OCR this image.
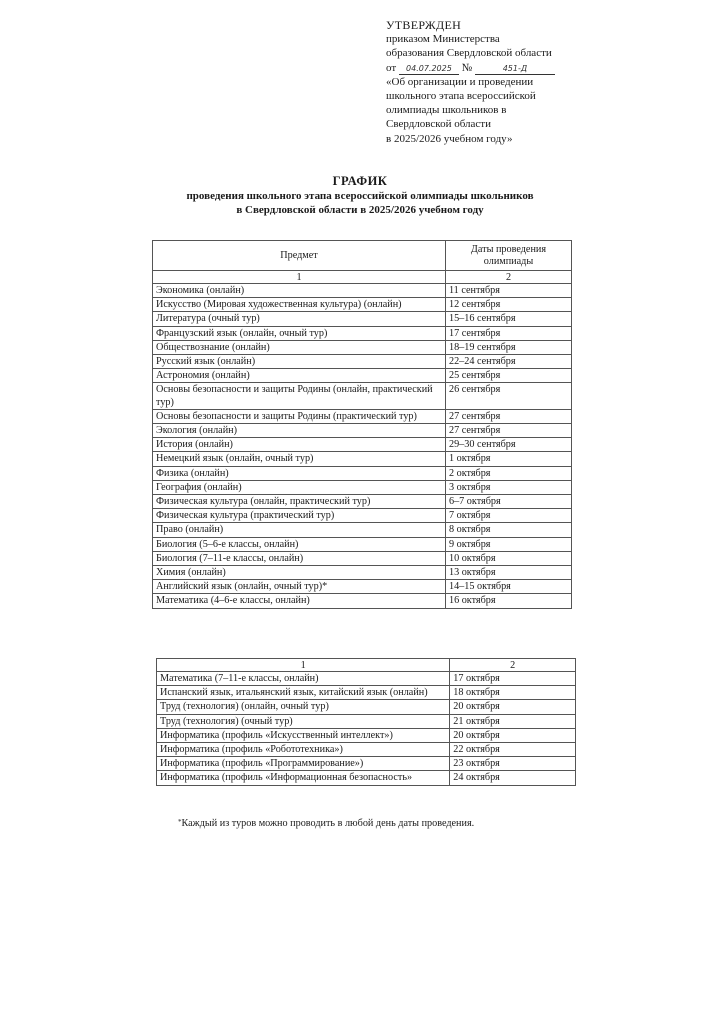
УТВЕРЖДЕН
приказом Министерства
образования Свердловской области
от 04.07.2025 №	451-Д
«Об организации и проведении
школьного этапа всероссийской
олимпиады школьников в
Свердловской области
в 2025/2026 учебном году»
ГРАФИК
проведения школьного этапа всероссийской олимпиады школьников
в Свердловской области в 2025/2026 учебном году
Предмет	Даты проведения олимпиады
1	2
Экономика (онлайн)	11 сентября
Искусство (Мировая художественная культура) (онлайн)	12 сентября
Литература (очный тур)	15–16 сентября
Французский язык (онлайн, очный тур)	17 сентября
Обществознание (онлайн)	18–19 сентября
Русский язык (онлайн)	22–24 сентября
Астрономия (онлайн)	25 сентября
Основы безопасности и защиты Родины (онлайн, практический тур)	26 сентября
Основы безопасности и защиты Родины (практический тур)	27 сентября
Экология (онлайн)	27 сентября
История (онлайн)	29–30 сентября
Немецкий язык (онлайн, очный тур)	1 октября
Физика (онлайн)	2 октября
География (онлайн)	3 октября
Физическая культура (онлайн, практический тур)	6–7 октября
Физическая культура (практический тур)	7 октября
Право (онлайн)	8 октября
Биология (5–6-е классы, онлайн)	9 октября
Биология (7–11-е классы, онлайн)	10 октября
Химия (онлайн)	13 октября
Английский язык (онлайн, очный тур)*	14–15 октября
Математика (4–6-е классы, онлайн)	16 октября
1	2
Математика (7–11-е классы, онлайн)	17 октября
Испанский язык, итальянский язык, китайский язык (онлайн)	18 октября
Труд (технология) (онлайн, очный тур)	20 октября
Труд (технология) (очный тур)	21 октября
Информатика (профиль «Искусственный интеллект»)	20 октября
Информатика (профиль «Робототехника»)	22 октября
Информатика (профиль «Программирование»)	23 октября
Информатика (профиль «Информационная безопасность»	24 октября
*Каждый из туров можно проводить в любой день даты проведения.
